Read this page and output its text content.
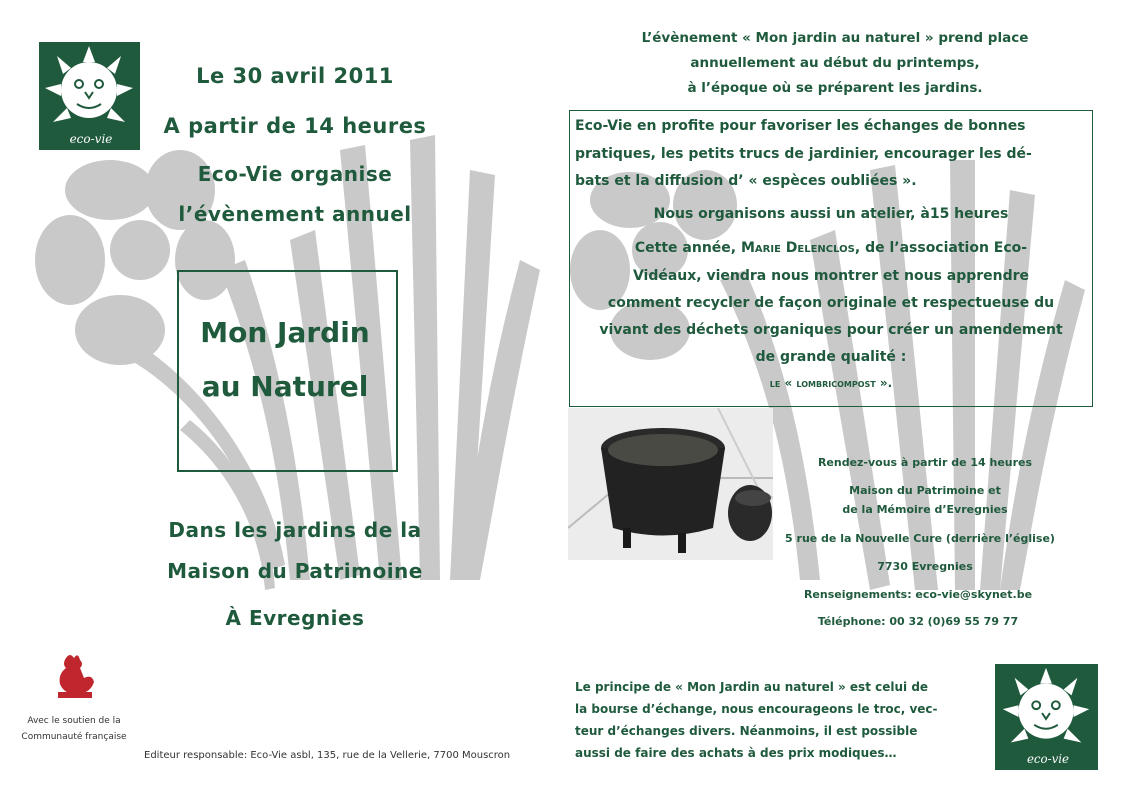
eco-vie
Le 30 avril 2011
A partir de 14 heures
Eco-Vie organise
l’évènement annuel
Mon Jardin
au Naturel
Dans les jardins de la
Maison du Patrimoine
À Evregnies
Avec le soutien de la
Communauté française
Editeur responsable: Eco-Vie asbl, 135, rue de la Vellerie, 7700 Mouscron
L’évènement « Mon jardin au naturel » prend place
annuellement au début du printemps,
à l’époque où se préparent les jardins.
Eco-Vie en profite pour favoriser les échanges de bonnes
pratiques, les petits trucs de jardinier, encourager les dé-
bats et la diffusion d’ « espèces oubliées ».
Nous organisons aussi un atelier, à15 heures
Cette année, Marie Delenclos, de l’association Eco-
Vidéaux, viendra nous montrer et nous apprendre
comment recycler de façon originale et respectueuse du
vivant des déchets organiques pour créer un amendement
de grande qualité :
le « lombricompost ».
Rendez-vous à partir de 14 heures
Maison du Patrimoine et
de la Mémoire d’Evregnies
5 rue de la Nouvelle Cure (derrière l’église)
7730 Evregnies
Renseignements: eco-vie@skynet.be
Téléphone: 00 32 (0)69 55 79 77
Le principe de « Mon Jardin au naturel » est celui de
la bourse d’échange, nous encourageons le troc, vec-
teur d’échanges divers. Néanmoins, il est possible
aussi de faire des achats à des prix modiques…	eco-vie
